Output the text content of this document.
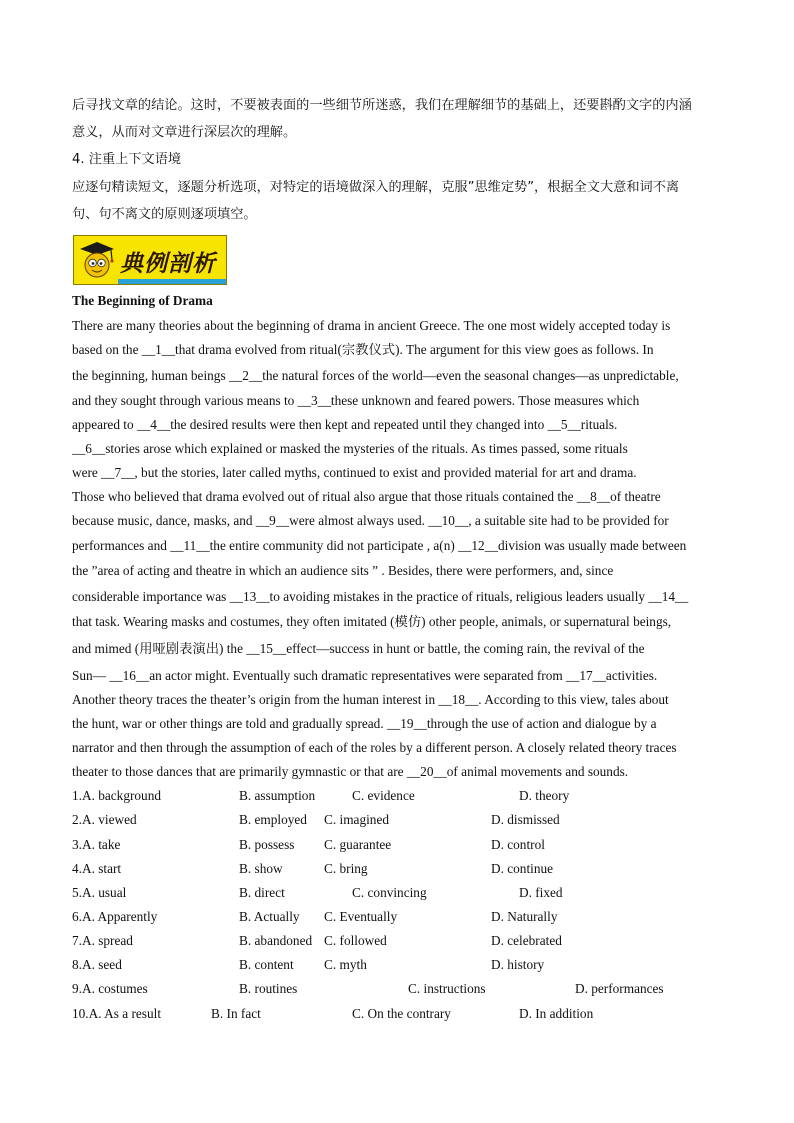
后寻找文章的结论。这时，不要被表面的一些细节所迷惑，我们在理解细节的基础上，还要斟酌文字的内涵
意义，从而对文章进行深层次的理解。
4. 注重上下文语境
应逐句精读短文，逐题分析选项，对特定的语境做深入的理解，克服”思维定势”，根据全文大意和词不离
句、句不离文的原则逐项填空。
典例剖析
The Beginning of Drama
There are many theories about the beginning of drama in ancient Greece. The one most widely accepted today is
based on the __1__that drama evolved from ritual(宗教仪式). The argument for this view goes as follows. In
the beginning, human beings __2__the natural forces of the world—even the seasonal changes—as unpredictable,
and they sought through various means to __3__these unknown and feared powers. Those measures which
appeared to __4__the desired results were then kept and repeated until they changed into __5__rituals.
__6__stories arose which explained or masked the mysteries of the rituals. As times passed, some rituals
were __7__, but the stories, later called myths, continued to exist and provided material for art and drama.
Those who believed that drama evolved out of ritual also argue that those rituals contained the __8__of theatre
because music, dance, masks, and __9__were almost always used. __10__, a suitable site had to be provided for
performances and __11__the entire community did not participate , a(n) __12__division was usually made between
the ”area of acting and theatre in which an audience sits ” . Besides, there were performers, and, since
considerable importance was __13__to avoiding mistakes in the practice of rituals, religious leaders usually __14__
that task. Wearing masks and costumes, they often imitated (模仿) other people, animals, or supernatural beings,
and mimed (用哑剧表演出) the __15__effect—success in hunt or battle, the coming rain, the revival of the
Sun— __16__an actor might. Eventually such dramatic representatives were separated from __17__activities.
Another theory traces the theater’s origin from the human interest in __18__. According to this view, tales about
the hunt, war or other things are told and gradually spread. __19__through the use of action and dialogue by a
narrator and then through the assumption of each of the roles by a different person. A closely related theory traces
theater to those dances that are primarily gymnastic or that are __20__of animal movements and sounds.
1.A. background	B. assumption	C. evidence	D. theory
2.A. viewed	B. employed C. imagined	D. dismissed
3.A. take	B. possess C. guarantee	D. control
4.A. start	B. show	C. bring	D. continue
5.A. usual	B. direct	C. convincing	D. fixed
6.A. Apparently	B. Actually C. Eventually	D. Naturally
7.A. spread	B. abandoned C. followed	D. celebrated
8.A. seed	B. content C. myth	D. history
9.A. costumes	B. routines	C. instructions	D. performances
10.A. As a result	B. In fact	C. On the contrary	D. In addition
